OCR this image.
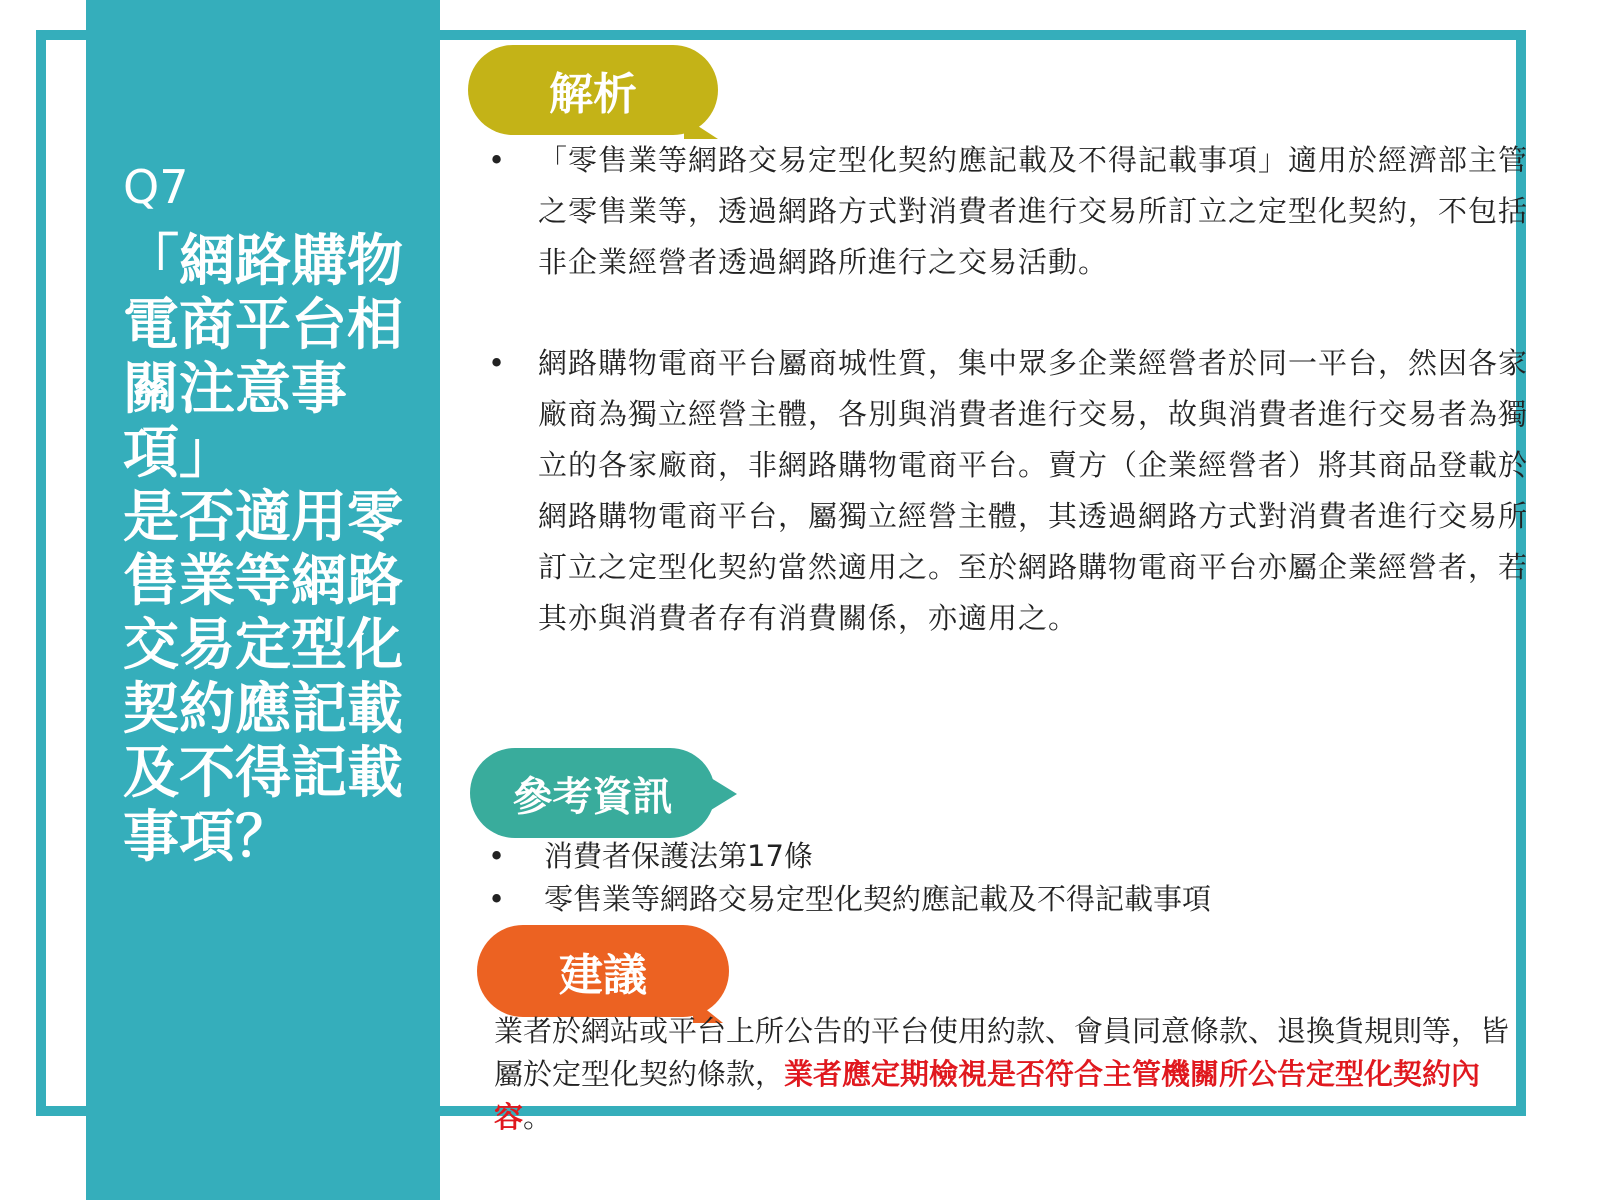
Q7
「網路購物
電商平台相
關注意事項」
是否適用零
售業等網路
交易定型化
契約應記載
及不得記載
事項？
解析
• 「零售業等網路交易定型化契約應記載及不得記載事項」適用於經濟部主管之零售業等，透過網路方式對消費者進行交易所訂立之定型化契約，不包括非企業經營者透過網路所進行之交易活動。
• 網路購物電商平台屬商城性質，集中眾多企業經營者於同一平台，然因各家廠商為獨立經營主體，各別與消費者進行交易，故與消費者進行交易者為獨立的各家廠商，非網路購物電商平台。賣方（企業經營者）將其商品登載於網路購物電商平台，屬獨立經營主體，其透過網路方式對消費者進行交易所訂立之定型化契約當然適用之。至於網路購物電商平台亦屬企業經營者，若其亦與消費者存有消費關係，亦適用之。
參考資訊
• 消費者保護法第17條
• 零售業等網路交易定型化契約應記載及不得記載事項
建議
業者於網站或平台上所公告的平台使用約款、會員同意條款、退換貨規則等，皆屬於定型化契約條款，業者應定期檢視是否符合主管機關所公告定型化契約內容。
